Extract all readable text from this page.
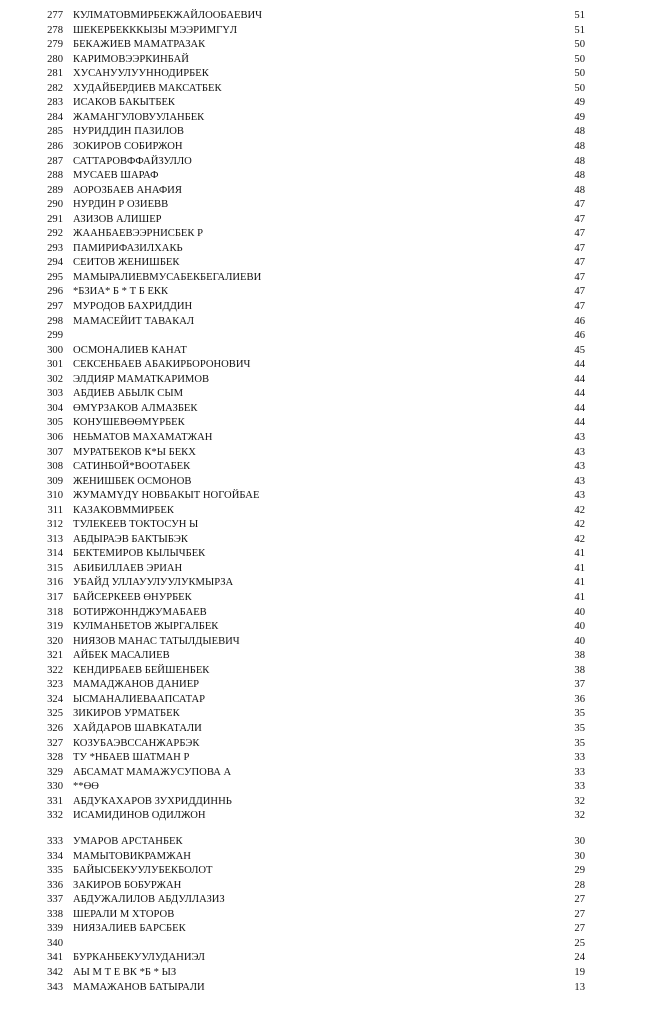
277 КУЛМАТОВМИРБЕКЖАЙЛООБАЕВИЧ	51
278 ШЕКЕРБЕКККЫЗЫ МЭЭРИМГҮЛ	51
279 БЕКАЖИЕВ МАМАТРАЗАК	50
280 КАРИМОВЭЭРКИНБАЙ	50
281 ХУСАНУУЛУУННОДИРБЕК	50
282 ХУДАЙБЕРДИЕВ МАКСАТБЕК	50
283 ИСАКОВ БАКЫТБЕК	49
284 ЖАМАНГУЛОВУУЛАНБЕК	49
285 НУРИДДИН ПАЗИЛОВ	48
286 ЗОКИРОВ СОБИРЖОН	48
287 САТТАРОВФФАЙЗУЛЛО	48
288 МУСАЕВ ШАРАФ	48
289 АОРОЗБАЕВ АНАФИЯ	48
290 НУРДИН Р ОЗИЕВВ	47
291 АЗИЗОВ АЛИШЕР	47
292 ЖААНБАЕВЭЭРНИСБЕК Р	47
293 ПАМИРИФАЗИЛХАКЬ	47
294 СЕИТОВ ЖЕНИШБЕК	47
295 МАМЫРАЛИЕВМУСАБЕКБЕГАЛИЕВИ	47
296 *БЗИА* Б * Т Б ЕКК	47
297 МУРОДОВ БАХРИДДИН	47
298 МАМАСЕЙИТ ТАВАКАЛ	46
299	46
300 ОСМОНАЛИЕВ КАНАТ	45
301 СЕКСЕНБАЕВ АБАКИРБОРОНОВИЧ	44
302 ЭЛДИЯР МАМАТКАРИМОВ	44
303 АБДИЕВ АБЫЛК СЫМ	44
304 ӨМҮРЗАКОВ АЛМАЗБЕК	44
305 КОНУШЕВӨӨМҮРБЕК	44
306 НЕЬМАТОВ МАХАМАТЖАН	43
307 МУРАТБЕКОВ К*Ы БЕКХ	43
308 САТИНБОЙ*ВООТАБЕК	43
309 ЖЕНИШБЕК ОСМОНОВ	43
310 ЖУМАМҮДҮ НОВБАКЫТ НОГОЙБАЕ	43
311 КАЗАКОВММИРБЕК	42
312 ТУЛЕКЕЕВ ТОКТОСУН Ы	42
313 АБДЫРАЭВ БАКТЫБЭК	42
314 БЕКТЕМИРОВ КЫЛЫЧБЕК	41
315 АБИБИЛЛАЕВ ЭРИАН	41
316 УБАЙД УЛЛАУУЛУУЛУКМЫРЗА	41
317 БАЙСЕРКЕЕВ ӨНУРБЕК	41
318 БОТИРЖОННДЖУМАБАЕВ	40
319 КУЛМАНБЕТОВ ЖЫРГАЛБЕК	40
320 НИЯЗОВ МАНАС ТАТЫЛДЫЕВИЧ	40
321 АЙБЕК МАСАЛИЕВ	38
322 КЕНДИРБАЕВ БЕЙШЕНБЕК	38
323 МАМАДЖАНОВ ДАНИЕР	37
324 ЫСМАНАЛИЕВААПСАТАР	36
325 ЗИКИРОВ УРМАТБЕК	35
326 ХАЙДАРОВ ШАВКАТАЛИ	35
327 КОЗУБАЭВССАНЖАРБЭК	35
328 ТУ *НБАЕВ ШАТМАН Р	33
329 АБСАМАТ МАМАЖУСУПОВА А	33
330 **ӨӨ	33
331 АБДУКАХАРОВ ЗУХРИДДИННЬ	32
332 ИСАМИДИНОВ ОДИЛЖОН	32
333 УМАРОВ АРСТАНБЕК	30
334 МАМЫТОВИКРАМЖАН	30
335 БАЙЫСБЕКУУЛУБЕКБОЛОТ	29
336 ЗАКИРОВ БОБУРЖАН	28
337 АБДУЖАЛИЛОВ АБДУЛЛАЗИЗ	27
338 ШЕРАЛИ М ХТОРОВ	27
339 НИЯЗАЛИЕВ БАРСБЕК	27
340	25
341 БУРКАНБЕКУУЛУДАНИЭЛ	24
342 АЫ М Т Е ВК *Б * ЫЗ	19
343 МАМАЖАНОВ БАТЫРАЛИ	13
